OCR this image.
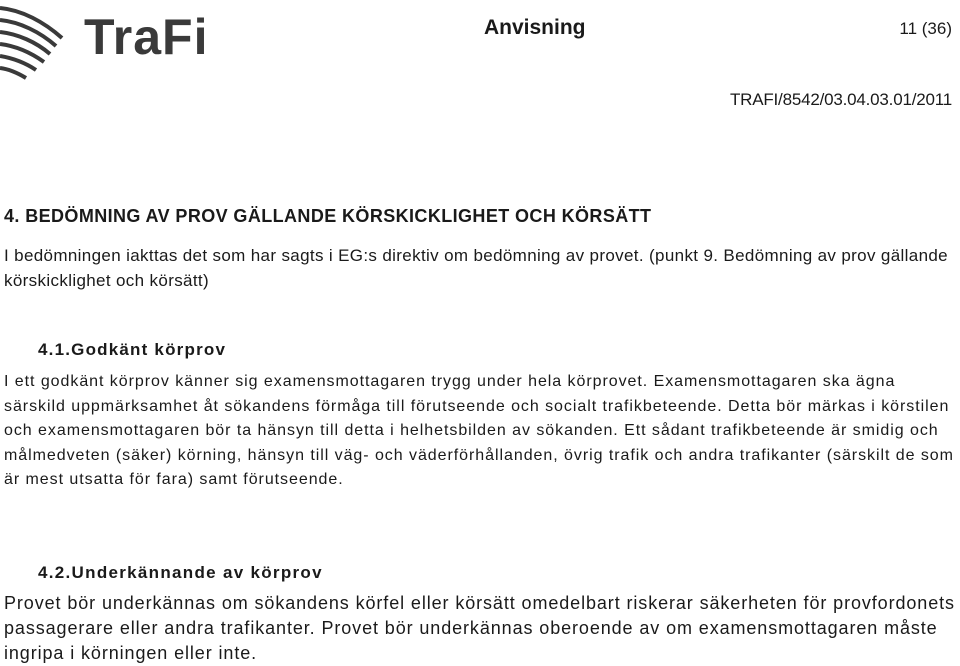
TraFi	Anvisning	11 (36)
TRAFI/8542/03.04.03.01/2011
4. BEDÖMNING AV PROV GÄLLANDE KÖRSKICKLIGHET OCH KÖRSÄTT

I bedömningen iakttas det som har sagts i EG:s direktiv om bedömning av provet. (punkt 9. Bedömning av prov gällande körskicklighet och körsätt)

4.1.Godkänt körprov

I ett godkänt körprov känner sig examensmottagaren trygg under hela körprovet. Examensmottagaren ska ägna särskild uppmärksamhet åt sökandens förmåga till förutseende och socialt trafikbeteende. Detta bör märkas i körstilen och examensmottagaren bör ta hänsyn till detta i helhetsbilden av sökanden. Ett sådant trafikbeteende är smidig och målmedveten (säker) körning, hänsyn till väg- och väderförhållanden, övrig trafik och andra trafikanter (särskilt de som är mest utsatta för fara) samt förutseende.

4.2.Underkännande av körprov

Provet bör underkännas om sökandens körfel eller körsätt omedelbart riskerar säkerheten för provfordonets passagerare eller andra trafikanter. Provet bör underkännas oberoende av om examensmottagaren måste ingripa i körningen eller inte.
